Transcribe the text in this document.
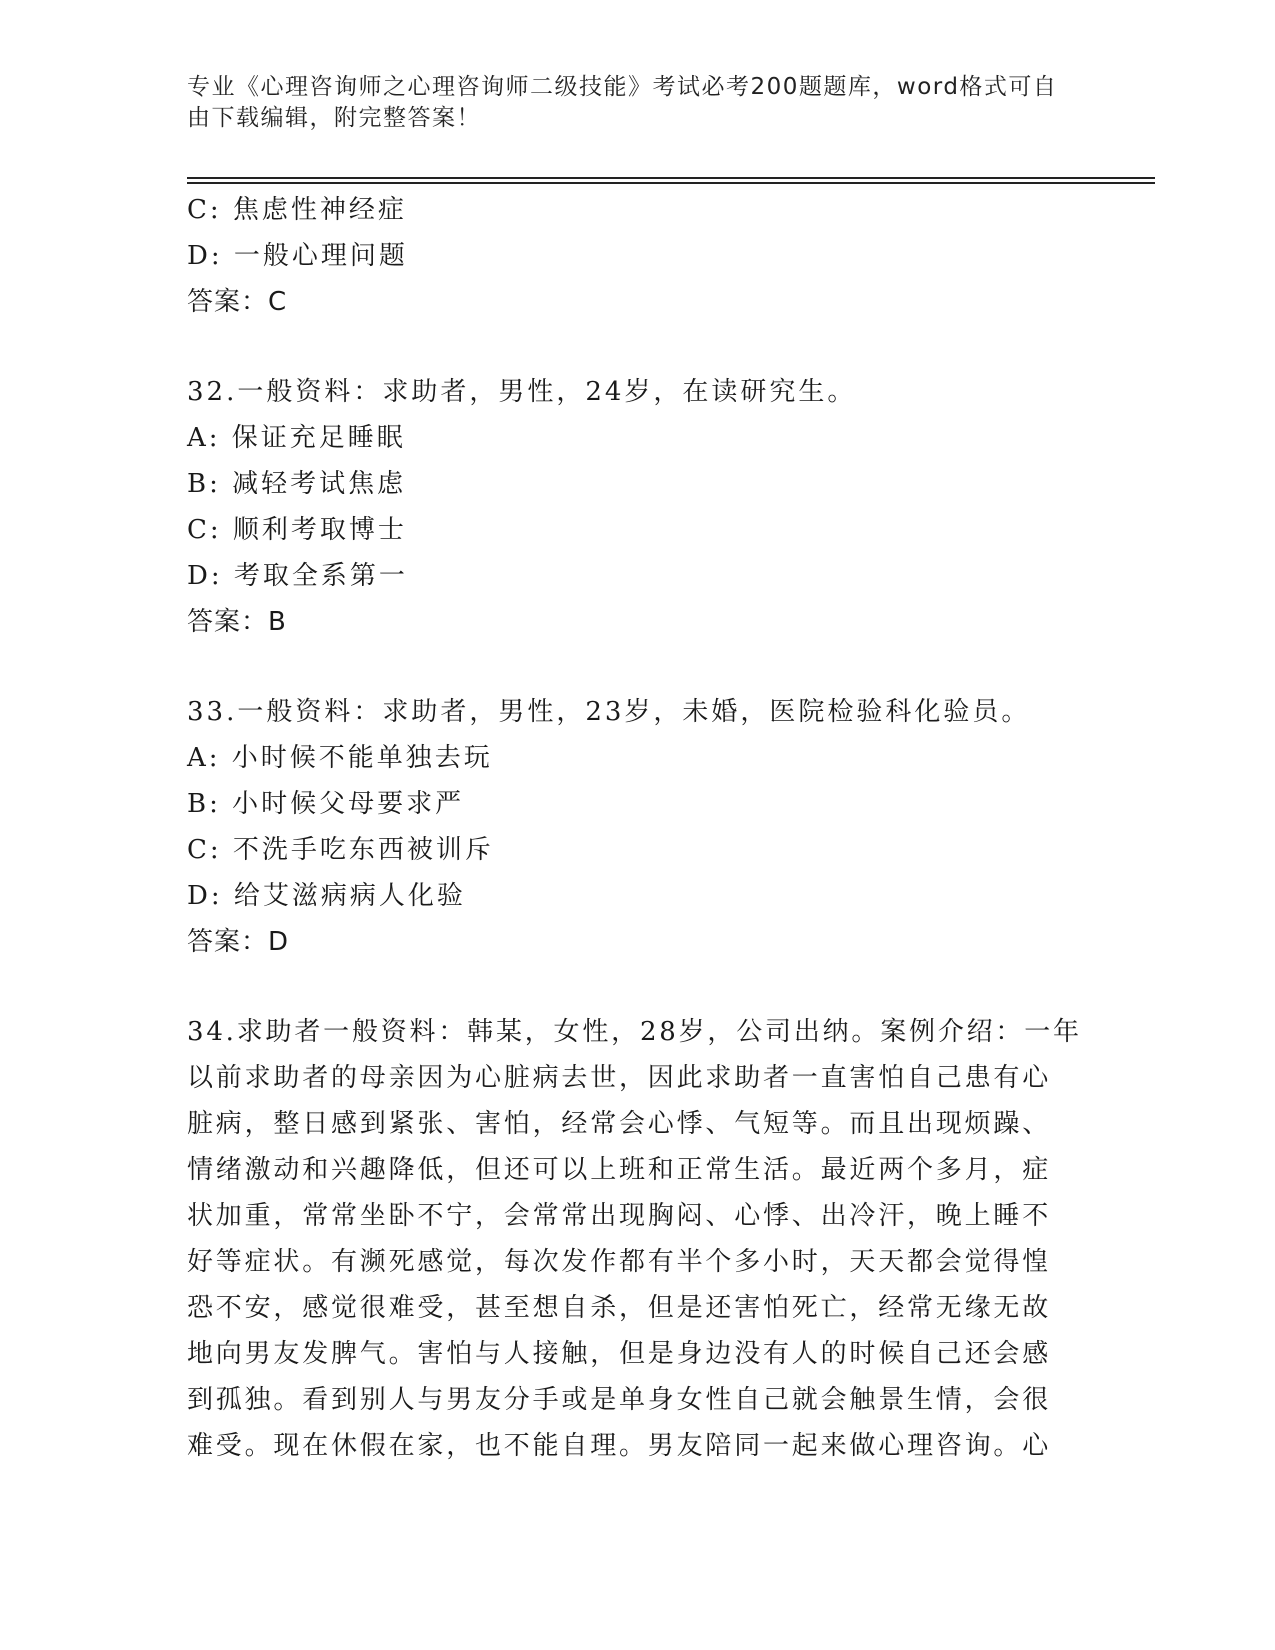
专业《心理咨询师之心理咨询师二级技能》考试必考200题题库，word格式可自
由下载编辑，附完整答案！
C: 焦虑性神经症
D: 一般心理问题
答案：C
32.一般资料：求助者，男性，24岁，在读研究生。
A: 保证充足睡眠
B: 减轻考试焦虑
C: 顺利考取博士
D: 考取全系第一
答案：B
33.一般资料：求助者，男性，23岁，未婚，医院检验科化验员。
A: 小时候不能单独去玩
B: 小时候父母要求严
C: 不洗手吃东西被训斥
D: 给艾滋病病人化验
答案：D
34.求助者一般资料：韩某，女性，28岁，公司出纳。案例介绍：一年
以前求助者的母亲因为心脏病去世，因此求助者一直害怕自己患有心
脏病，整日感到紧张、害怕，经常会心悸、气短等。而且出现烦躁、
情绪激动和兴趣降低，但还可以上班和正常生活。最近两个多月，症
状加重，常常坐卧不宁，会常常出现胸闷、心悸、出冷汗，晚上睡不
好等症状。有濒死感觉，每次发作都有半个多小时，天天都会觉得惶
恐不安，感觉很难受，甚至想自杀，但是还害怕死亡，经常无缘无故
地向男友发脾气。害怕与人接触，但是身边没有人的时候自己还会感
到孤独。看到别人与男友分手或是单身女性自己就会触景生情，会很
难受。现在休假在家，也不能自理。男友陪同一起来做心理咨询。心
